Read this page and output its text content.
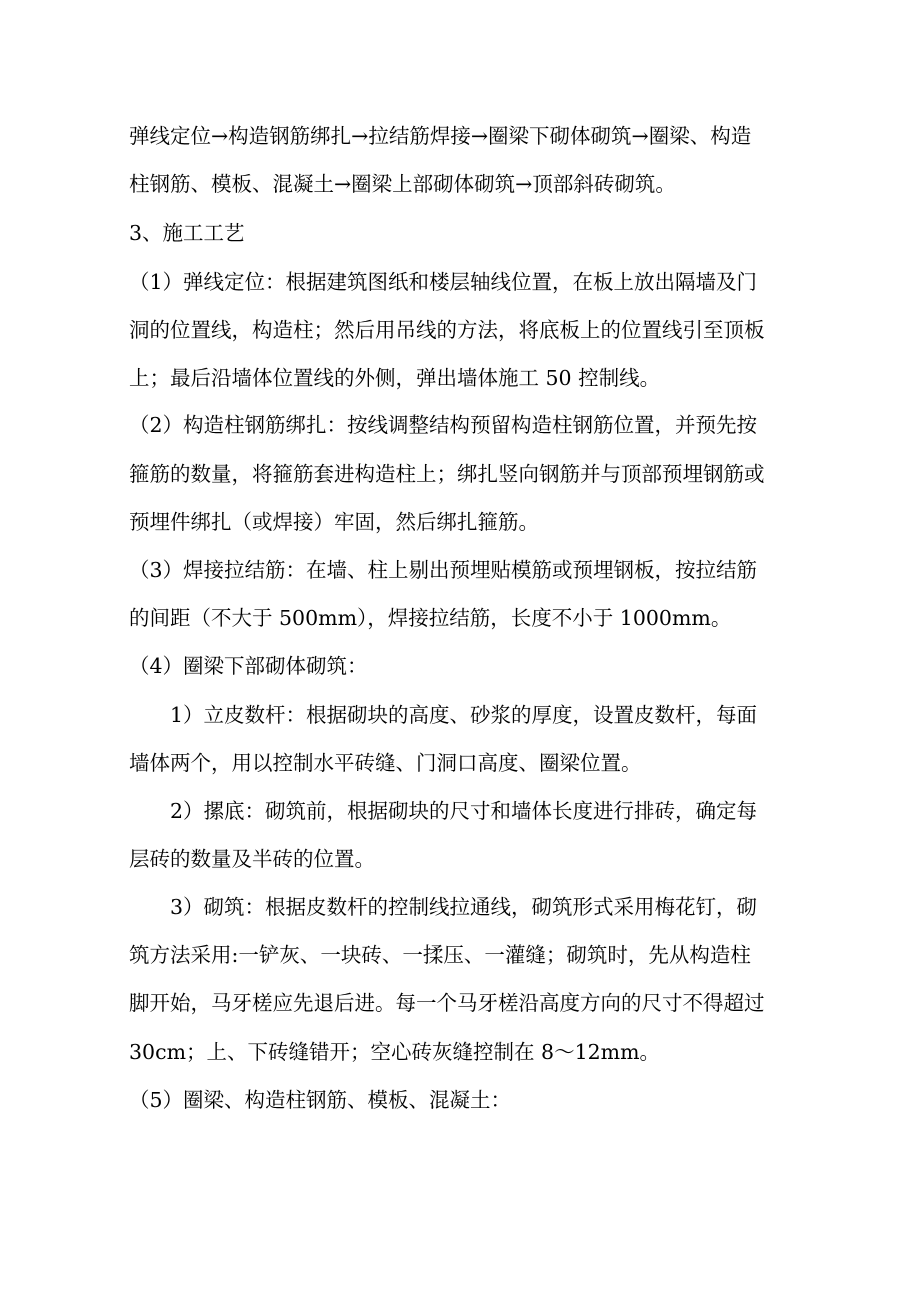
弹线定位→构造钢筋绑扎→拉结筋焊接→圈梁下砌体砌筑→圈梁、构造
柱钢筋、模板、混凝土→圈梁上部砌体砌筑→顶部斜砖砌筑。
3、施工工艺
（1）弹线定位：根据建筑图纸和楼层轴线位置，在板上放出隔墙及门
洞的位置线，构造柱；然后用吊线的方法，将底板上的位置线引至顶板
上；最后沿墙体位置线的外侧，弹出墙体施工 50 控制线。
（2）构造柱钢筋绑扎：按线调整结构预留构造柱钢筋位置，并预先按
箍筋的数量，将箍筋套进构造柱上；绑扎竖向钢筋并与顶部预埋钢筋或
预埋件绑扎（或焊接）牢固，然后绑扎箍筋。
（3）焊接拉结筋：在墙、柱上剔出预埋贴模筋或预埋钢板，按拉结筋
的间距（不大于 500mm），焊接拉结筋，长度不小于 1000mm。
（4）圈梁下部砌体砌筑：
1）立皮数杆：根据砌块的高度、砂浆的厚度，设置皮数杆，每面
墙体两个，用以控制水平砖缝、门洞口高度、圈梁位置。
2）摞底：砌筑前，根据砌块的尺寸和墙体长度进行排砖，确定每
层砖的数量及半砖的位置。
3）砌筑：根据皮数杆的控制线拉通线，砌筑形式采用梅花钉，砌
筑方法采用:一铲灰、一块砖、一揉压、一灌缝；砌筑时，先从构造柱
脚开始，马牙槎应先退后进。每一个马牙槎沿高度方向的尺寸不得超过
30cm；上、下砖缝错开；空心砖灰缝控制在 8～12mm。
（5）圈梁、构造柱钢筋、模板、混凝土：
